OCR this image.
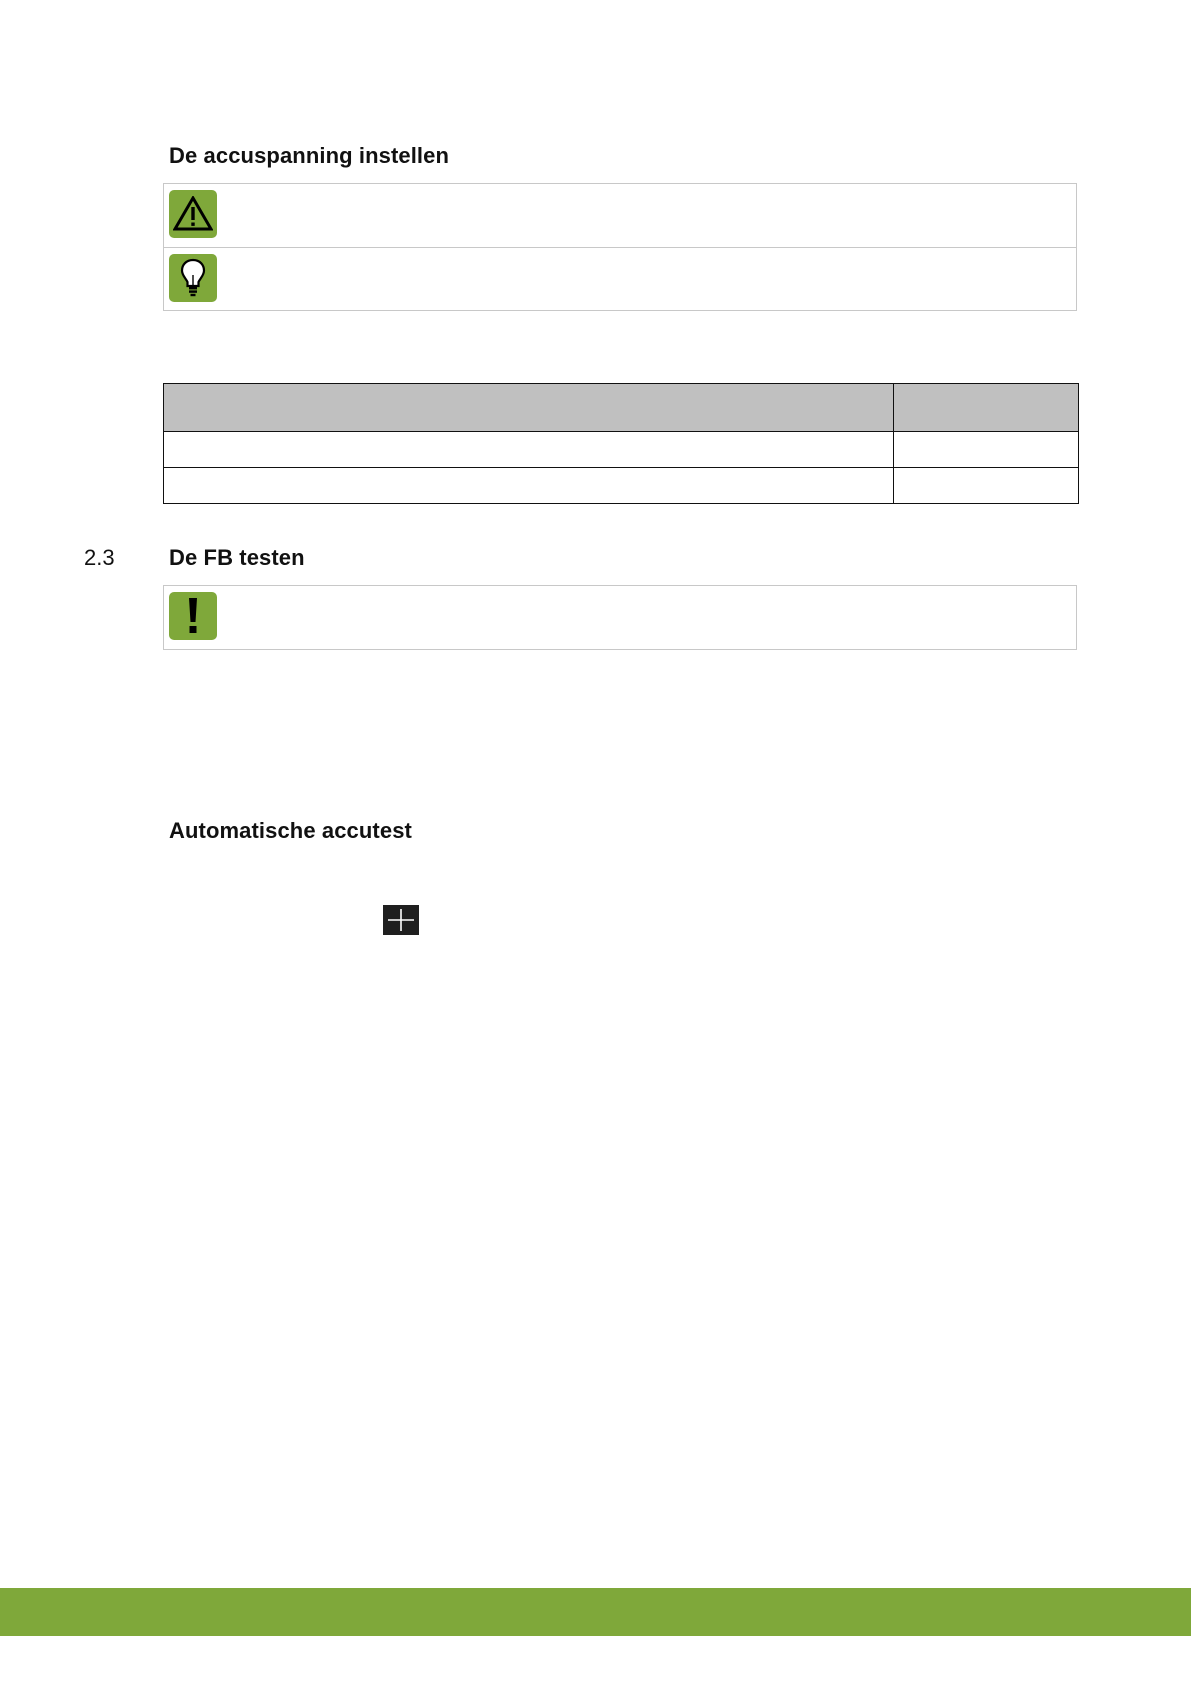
De accuspanning instellen

2.3 De FB testen
Automatische accutest
